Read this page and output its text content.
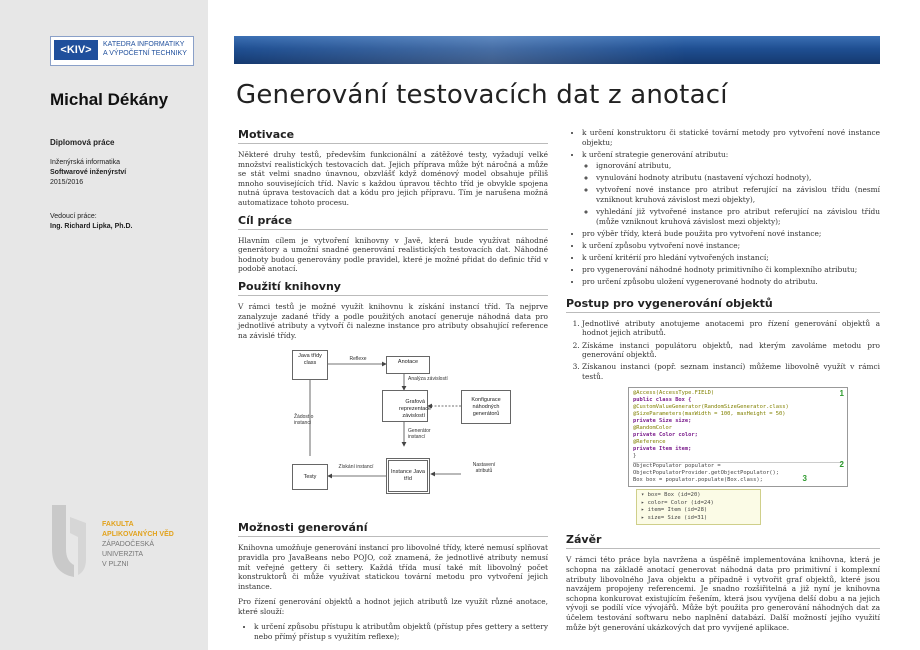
<KIV>	KATEDRA INFORMATIKY
A VÝPOČETNÍ TECHNIKY
Michal Dékány
Diplomová práce
Inženýrská informatika
Softwarové inženýrství
2015/2016
Vedoucí práce:
Ing. Richard Lipka, Ph.D.
FAKULTA
APLIKOVANÝCH VĚD
ZÁPADOČESKÁ
UNIVERZITA
V PLZNI
Generování testovacích dat z anotací
Motivace

Některé druhy testů, především funkcionální a zátěžové testy, vyžadují velké množství realistických testovacích dat. Jejich příprava může být náročná a může se stát velmi snadno únavnou, obzvlášť když doménový model obsahuje příliš mnoho souvisejících tříd. Navíc s každou úpravou těchto tříd je obvykle spojena nutná úprava testovacích dat a kódu pro jejich přípravu. Tím je narušena možná automatizace tohoto procesu.

Cíl práce

Hlavním cílem je vytvoření knihovny v Javě, která bude využívat náhodné generátory a umožní snadné generování realistických testovacích dat. Náhodné hodnoty budou generovány podle pravidel, které je možné přidat do definic tříd v podobě anotací.

Použití knihovny

V rámci testů je možné využít knihovnu k získání instancí tříd. Ta nejprve zanalyzuje zadané třídy a podle použitých anotací generuje náhodná data pro jednotlivé atributy a vytvoří či nalezne instance pro atributy obsahující reference na závislé třídy.

Java třídy class
Reflexe	Anotace
Analýza závislostí
Grafová reprezentace závislostí
Konfigurace náhodných generátorů
Generátor instancí
Žádost o instanci
Testy
Získání instancí
Instance Java tříd
Nastavení atributů
Možnosti generování

Knihovna umožňuje generování instancí pro libovolné třídy, které nemusí splňovat pravidla pro JavaBeans nebo POJO, což znamená, že jednotlivé atributy nemusí mít veřejné gettery či settery. Každá třída musí také mít libovolný počet konstruktorů či může využívat statickou tovární metodu pro vytvoření jejich instance.

Pro řízení generování objektů a hodnot jejich atributů lze využít různé anotace, které slouží:

• k určení způsobu přístupu k atributům objektů (přístup přes gettery a settery nebo přímý přístup s využitím reflexe);
• k určení konstruktoru či statické tovární metody pro vytvoření nové instance objektu;
• k určení strategie generování atributu:
◦ ignorování atributu,
◦ vynulování hodnoty atributu (nastavení výchozí hodnoty),
◦ vytvoření nové instance pro atribut referující na závislou třídu (nesmí vzniknout kruhová závislost mezi objekty),
◦ vyhledání již vytvořené instance pro atribut referující na závislou třídu (může vzniknout kruhová závislost mezi objekty);
• pro výběr třídy, která bude použita pro vytvoření nové instance;
• k určení způsobu vytvoření nové instance;
• k určení kritérií pro hledání vytvořených instancí;
• pro vygenerování náhodné hodnoty primitivního či komplexního atributu;
• pro určení způsobu uložení vygenerované hodnoty do atributu.
Postup pro vygenerování objektů
1. Jednotlivé atributy anotujeme anotacemi pro řízení generování objektů a hodnot jejich atributů.
2. Získáme instanci populátoru objektů, nad kterým zavoláme metodu pro generování objektů.
3. Získanou instanci (popř. seznam instancí) můžeme libovolně využít v rámci testů.
@Access(AccessType.FIELD)
public class Box {
@CustomValueGenerator(RandomSizeGenerator.class)
@SizeParameters(maxWidth = 100, maxHeight = 50)
private Size size;
@RandomColor
private Color color;
@Reference
private Item item;
}
ObjectPopulator populator =
ObjectPopulatorProvider.getObjectPopulator();
Box box = populator.populate(Box.class);
1
2
3
▾ box= Box (id=20)
▸ color= Color (id=24)
▸ item= Item (id=28)
▸ size= Size (id=31)
Závěr

V rámci této práce byla navržena a úspěšně implementována knihovna, která je schopna na základě anotací generovat náhodná data pro primitivní i komplexní atributy libovolného Java objektu a případně i vytvořit graf objektů, které jsou navzájem propojeny referencemi. Je snadno rozšiřitelná a již nyní je knihovna schopna konkurovat existujícím řešením, která jsou vyvíjena delší dobu a na jejich vývoji se podílí více vývojářů. Může být použita pro generování náhodných dat za účelem testování softwaru nebo naplnění databází. Další možností jejího využití může být generování ukázkových dat pro vyvíjené aplikace.
